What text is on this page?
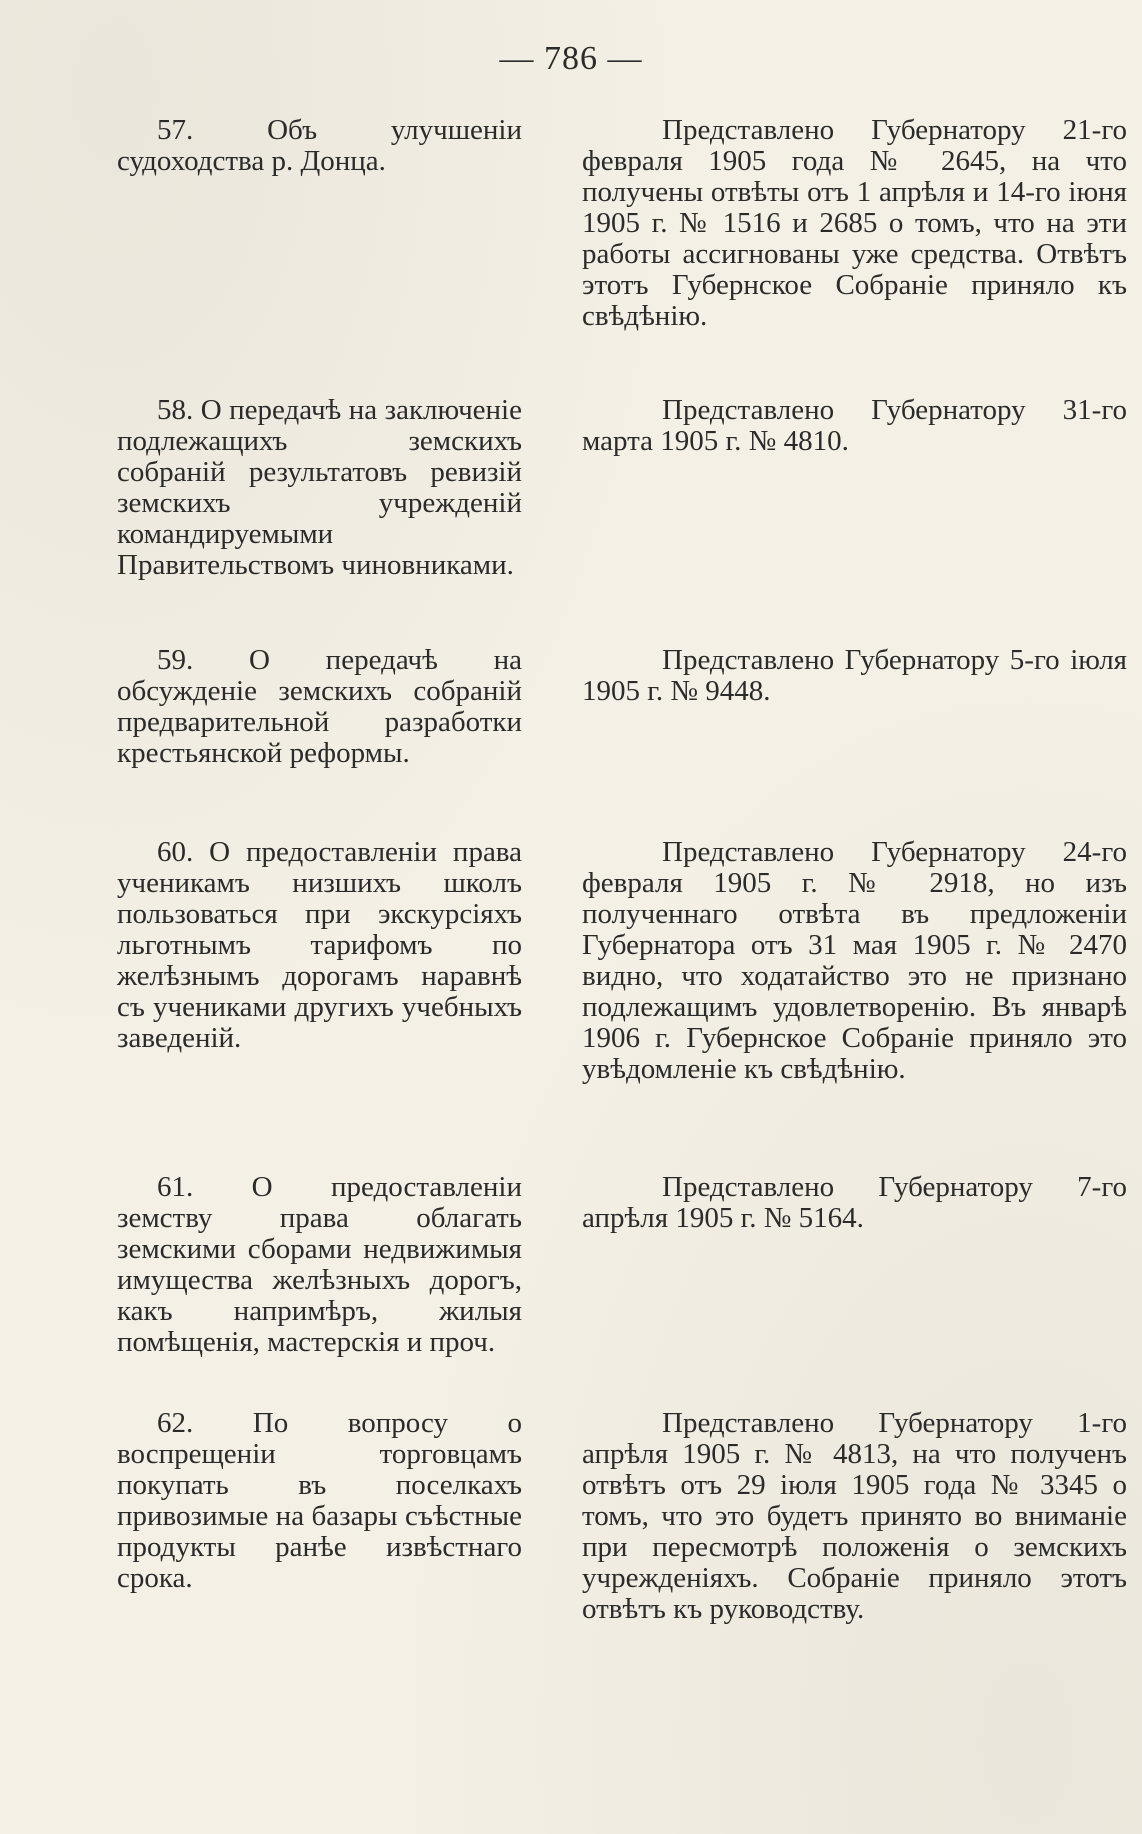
— 786 —
57. Объ улучшеніи судоходства р. Донца.
Представлено Губернатору 21-го февраля 1905 года № 2645, на что получены отвѣты отъ 1 апрѣля и 14-го іюня 1905 г. № 1516 и 2685 о томъ, что на эти работы ассигнованы уже средства. Отвѣтъ этотъ Губернское Собраніе приняло къ свѣдѣнію.
58. О передачѣ на заключеніе подлежащихъ земскихъ собраній результатовъ ревизій земскихъ учрежденій командируемыми Правительствомъ чиновниками.
Представлено Губернатору 31-го марта 1905 г. № 4810.
59. О передачѣ на обсужденіе земскихъ собраній предварительной разработки крестьянской реформы.
Представлено Губернатору 5-го іюля 1905 г. № 9448.
60. О предоставленіи права ученикамъ низшихъ школъ пользоваться при экскурсіяхъ льготнымъ тарифомъ по желѣзнымъ дорогамъ наравнѣ съ учениками другихъ учебныхъ заведеній.
Представлено Губернатору 24-го февраля 1905 г. № 2918, но изъ полученнаго отвѣта въ предложеніи Губернатора отъ 31 мая 1905 г. № 2470 видно, что ходатайство это не признано подлежащимъ удовлетворенію. Въ январѣ 1906 г. Губернское Собраніе приняло это увѣдомленіе къ свѣдѣнію.
61. О предоставленіи земству права облагать земскими сборами недвижимыя имущества желѣзныхъ дорогъ, какъ напримѣръ, жилыя помѣщенія, мастерскія и проч.
Представлено Губернатору 7-го апрѣля 1905 г. № 5164.
62. По вопросу о воспрещеніи торговцамъ покупать въ поселкахъ привозимые на базары съѣстные продукты ранѣе извѣстнаго срока.
Представлено Губернатору 1-го апрѣля 1905 г. № 4813, на что полученъ отвѣтъ отъ 29 іюля 1905 года № 3345 о томъ, что это будетъ принято во вниманіе при пересмотрѣ положенія о земскихъ учрежденіяхъ. Собраніе приняло этотъ отвѣтъ къ руководству.
